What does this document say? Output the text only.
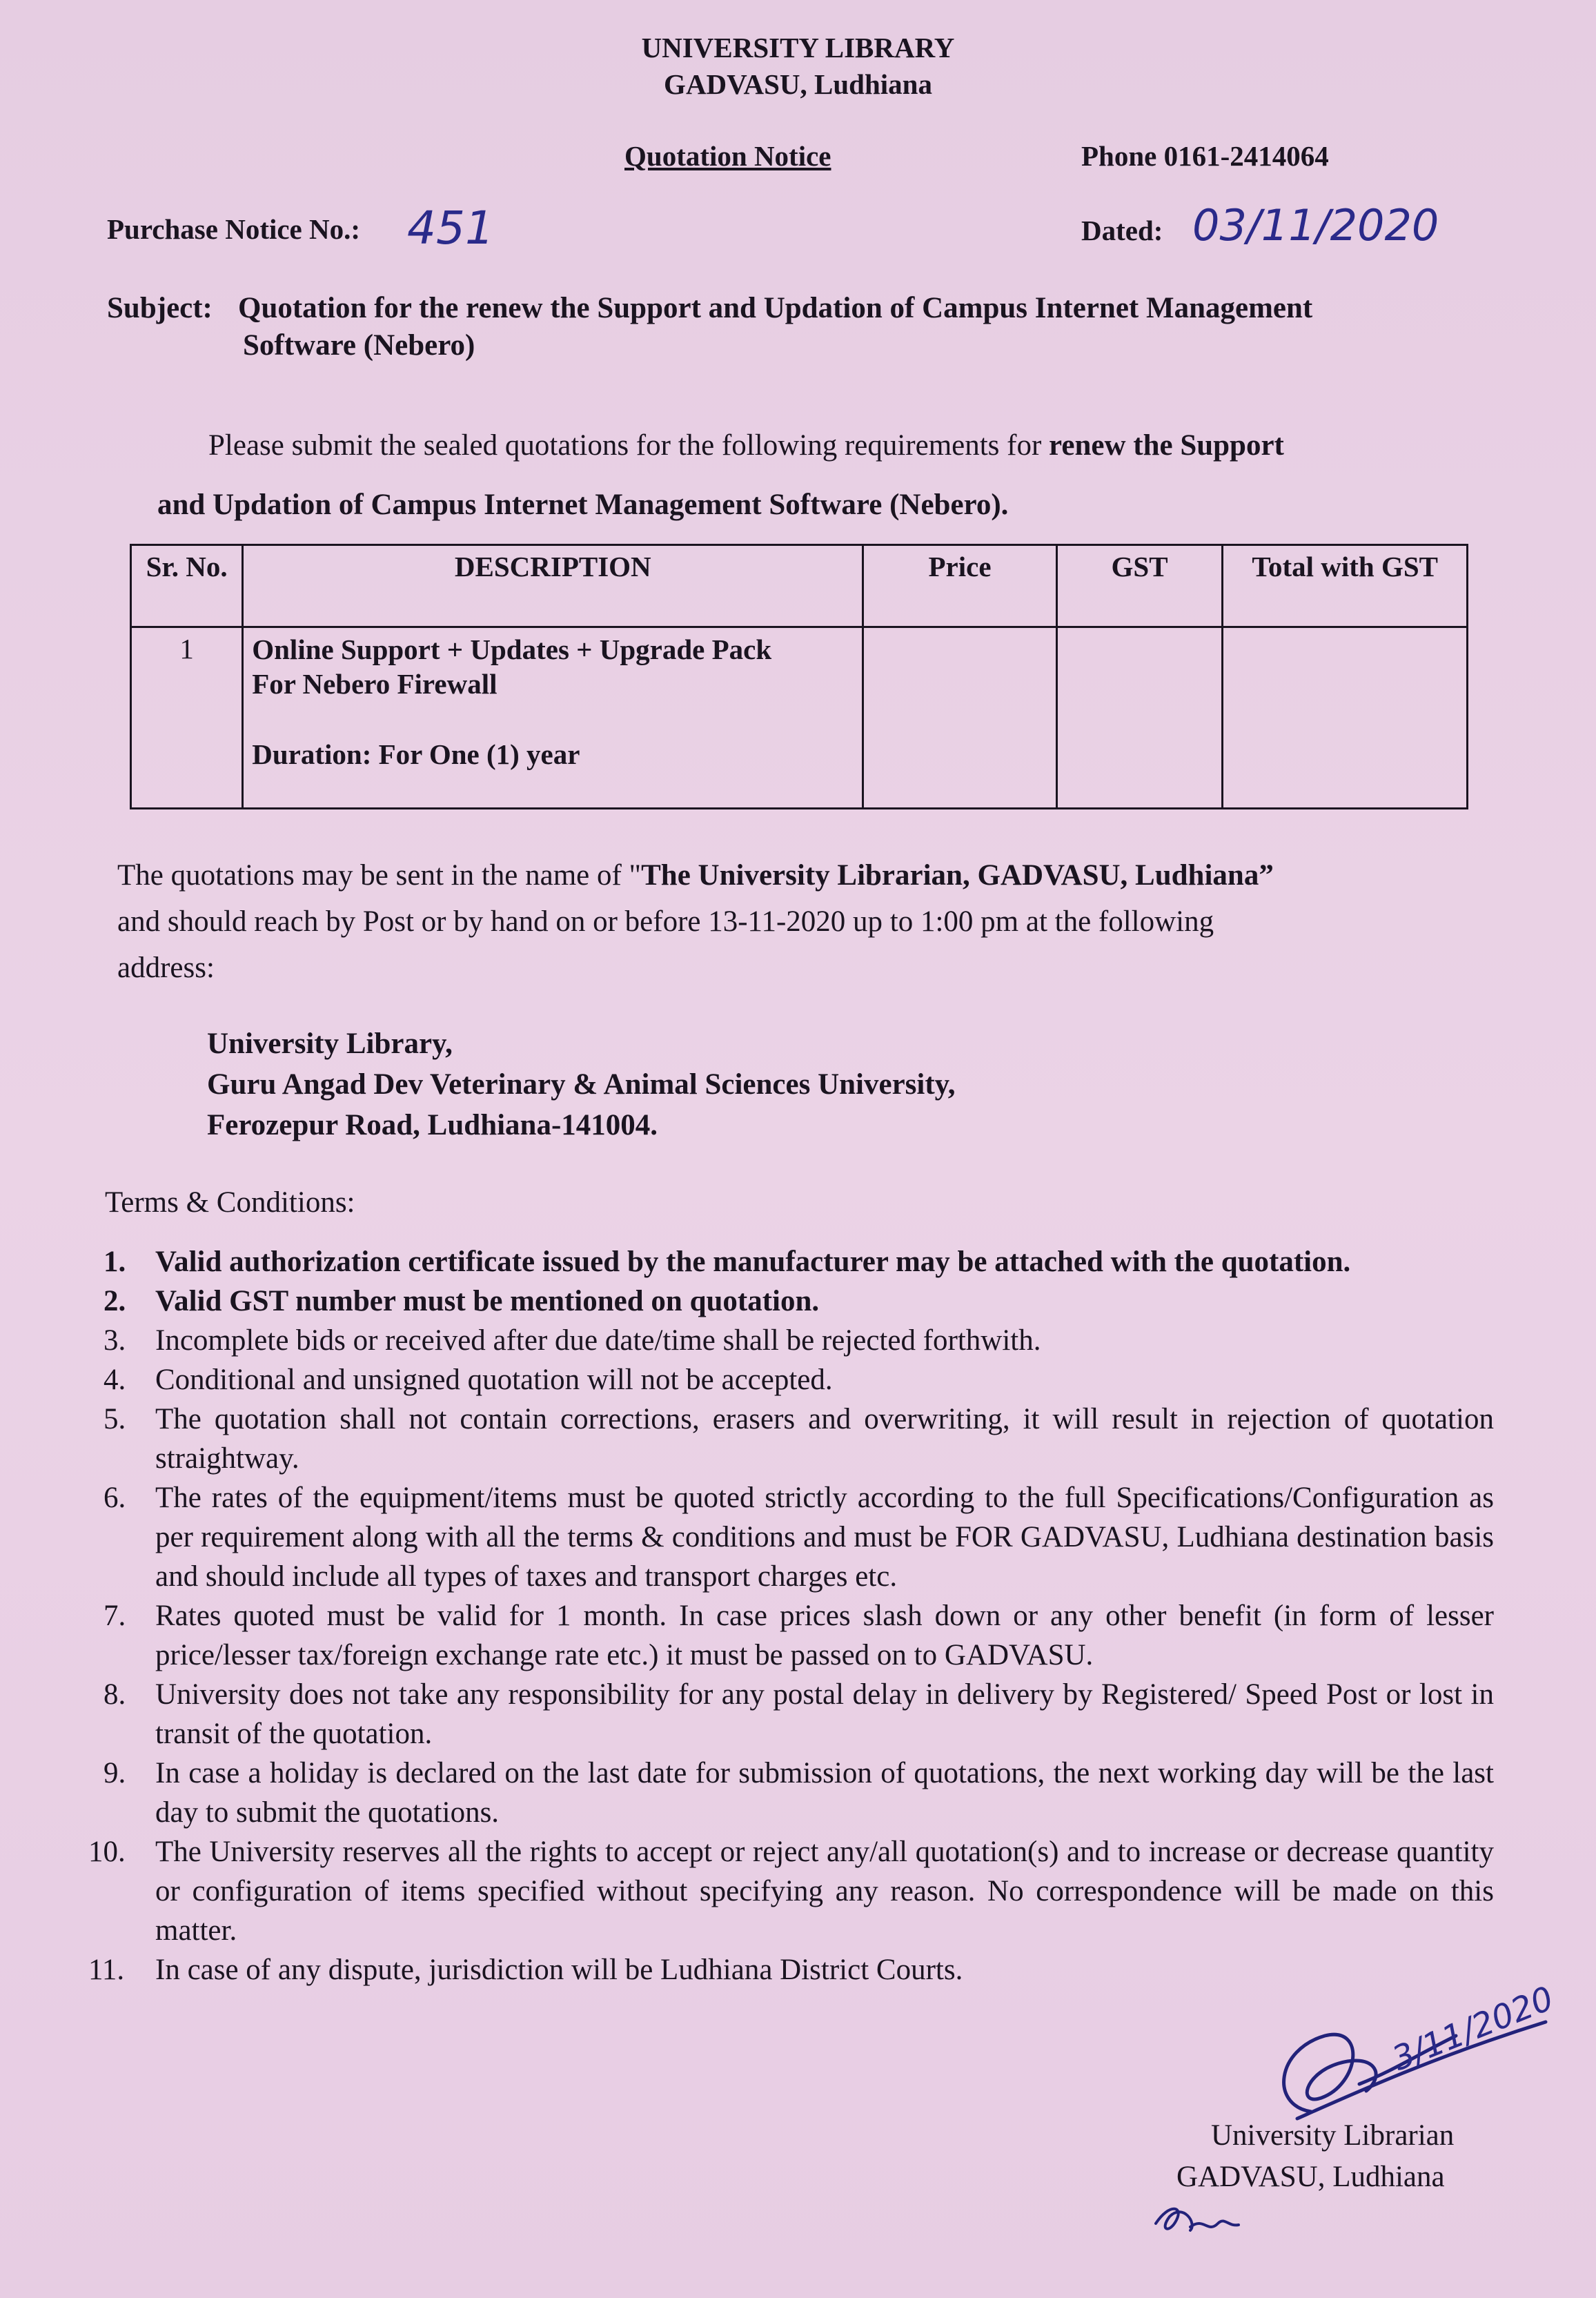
UNIVERSITY LIBRARY
GADVASU, Ludhiana
Quotation Notice	Phone 0161-2414064
Purchase Notice No.: 451	Dated: 03/11/2020
Subject: Quotation for the renew the Support and Updation of Campus Internet Management
Software (Nebero)
Please submit the sealed quotations for the following requirements for renew the Support
and Updation of Campus Internet Management Software (Nebero).
Sr. No.	DESCRIPTION	Price	GST	Total with GST
1	Online Support + Updates + Upgrade Pack
For Nebero Firewall
Duration: For One (1) year			

The quotations may be sent in the name of "The University Librarian, GADVASU, Ludhiana”
and should reach by Post or by hand on or before 13-11-2020 up to 1:00 pm at the following
address:
University Library,
Guru Angad Dev Veterinary & Animal Sciences University,
Ferozepur Road, Ludhiana-141004.
Terms & Conditions:
1. Valid authorization certificate issued by the manufacturer may be attached with the quotation.
2. Valid GST number must be mentioned on quotation.
3. Incomplete bids or received after due date/time shall be rejected forthwith.
4. Conditional and unsigned quotation will not be accepted.
5. The quotation shall not contain corrections, erasers and overwriting, it will result in rejection of quotation straightway.
6. The rates of the equipment/items must be quoted strictly according to the full Specifications/Configuration as per requirement along with all the terms & conditions and must be FOR GADVASU, Ludhiana destination basis and should include all types of taxes and transport charges etc.
7. Rates quoted must be valid for 1 month. In case prices slash down or any other benefit (in form of lesser price/lesser tax/foreign exchange rate etc.) it must be passed on to GADVASU.
8. University does not take any responsibility for any postal delay in delivery by Registered/ Speed Post or lost in transit of the quotation.
9. In case a holiday is declared on the last date for submission of quotations, the next working day will be the last day to submit the quotations.
10. The University reserves all the rights to accept or reject any/all quotation(s) and to increase or decrease quantity or configuration of items specified without specifying any reason. No correspondence will be made on this matter.
11. In case of any dispute, jurisdiction will be Ludhiana District Courts.
3/11/2020
University Librarian
GADVASU, Ludhiana
